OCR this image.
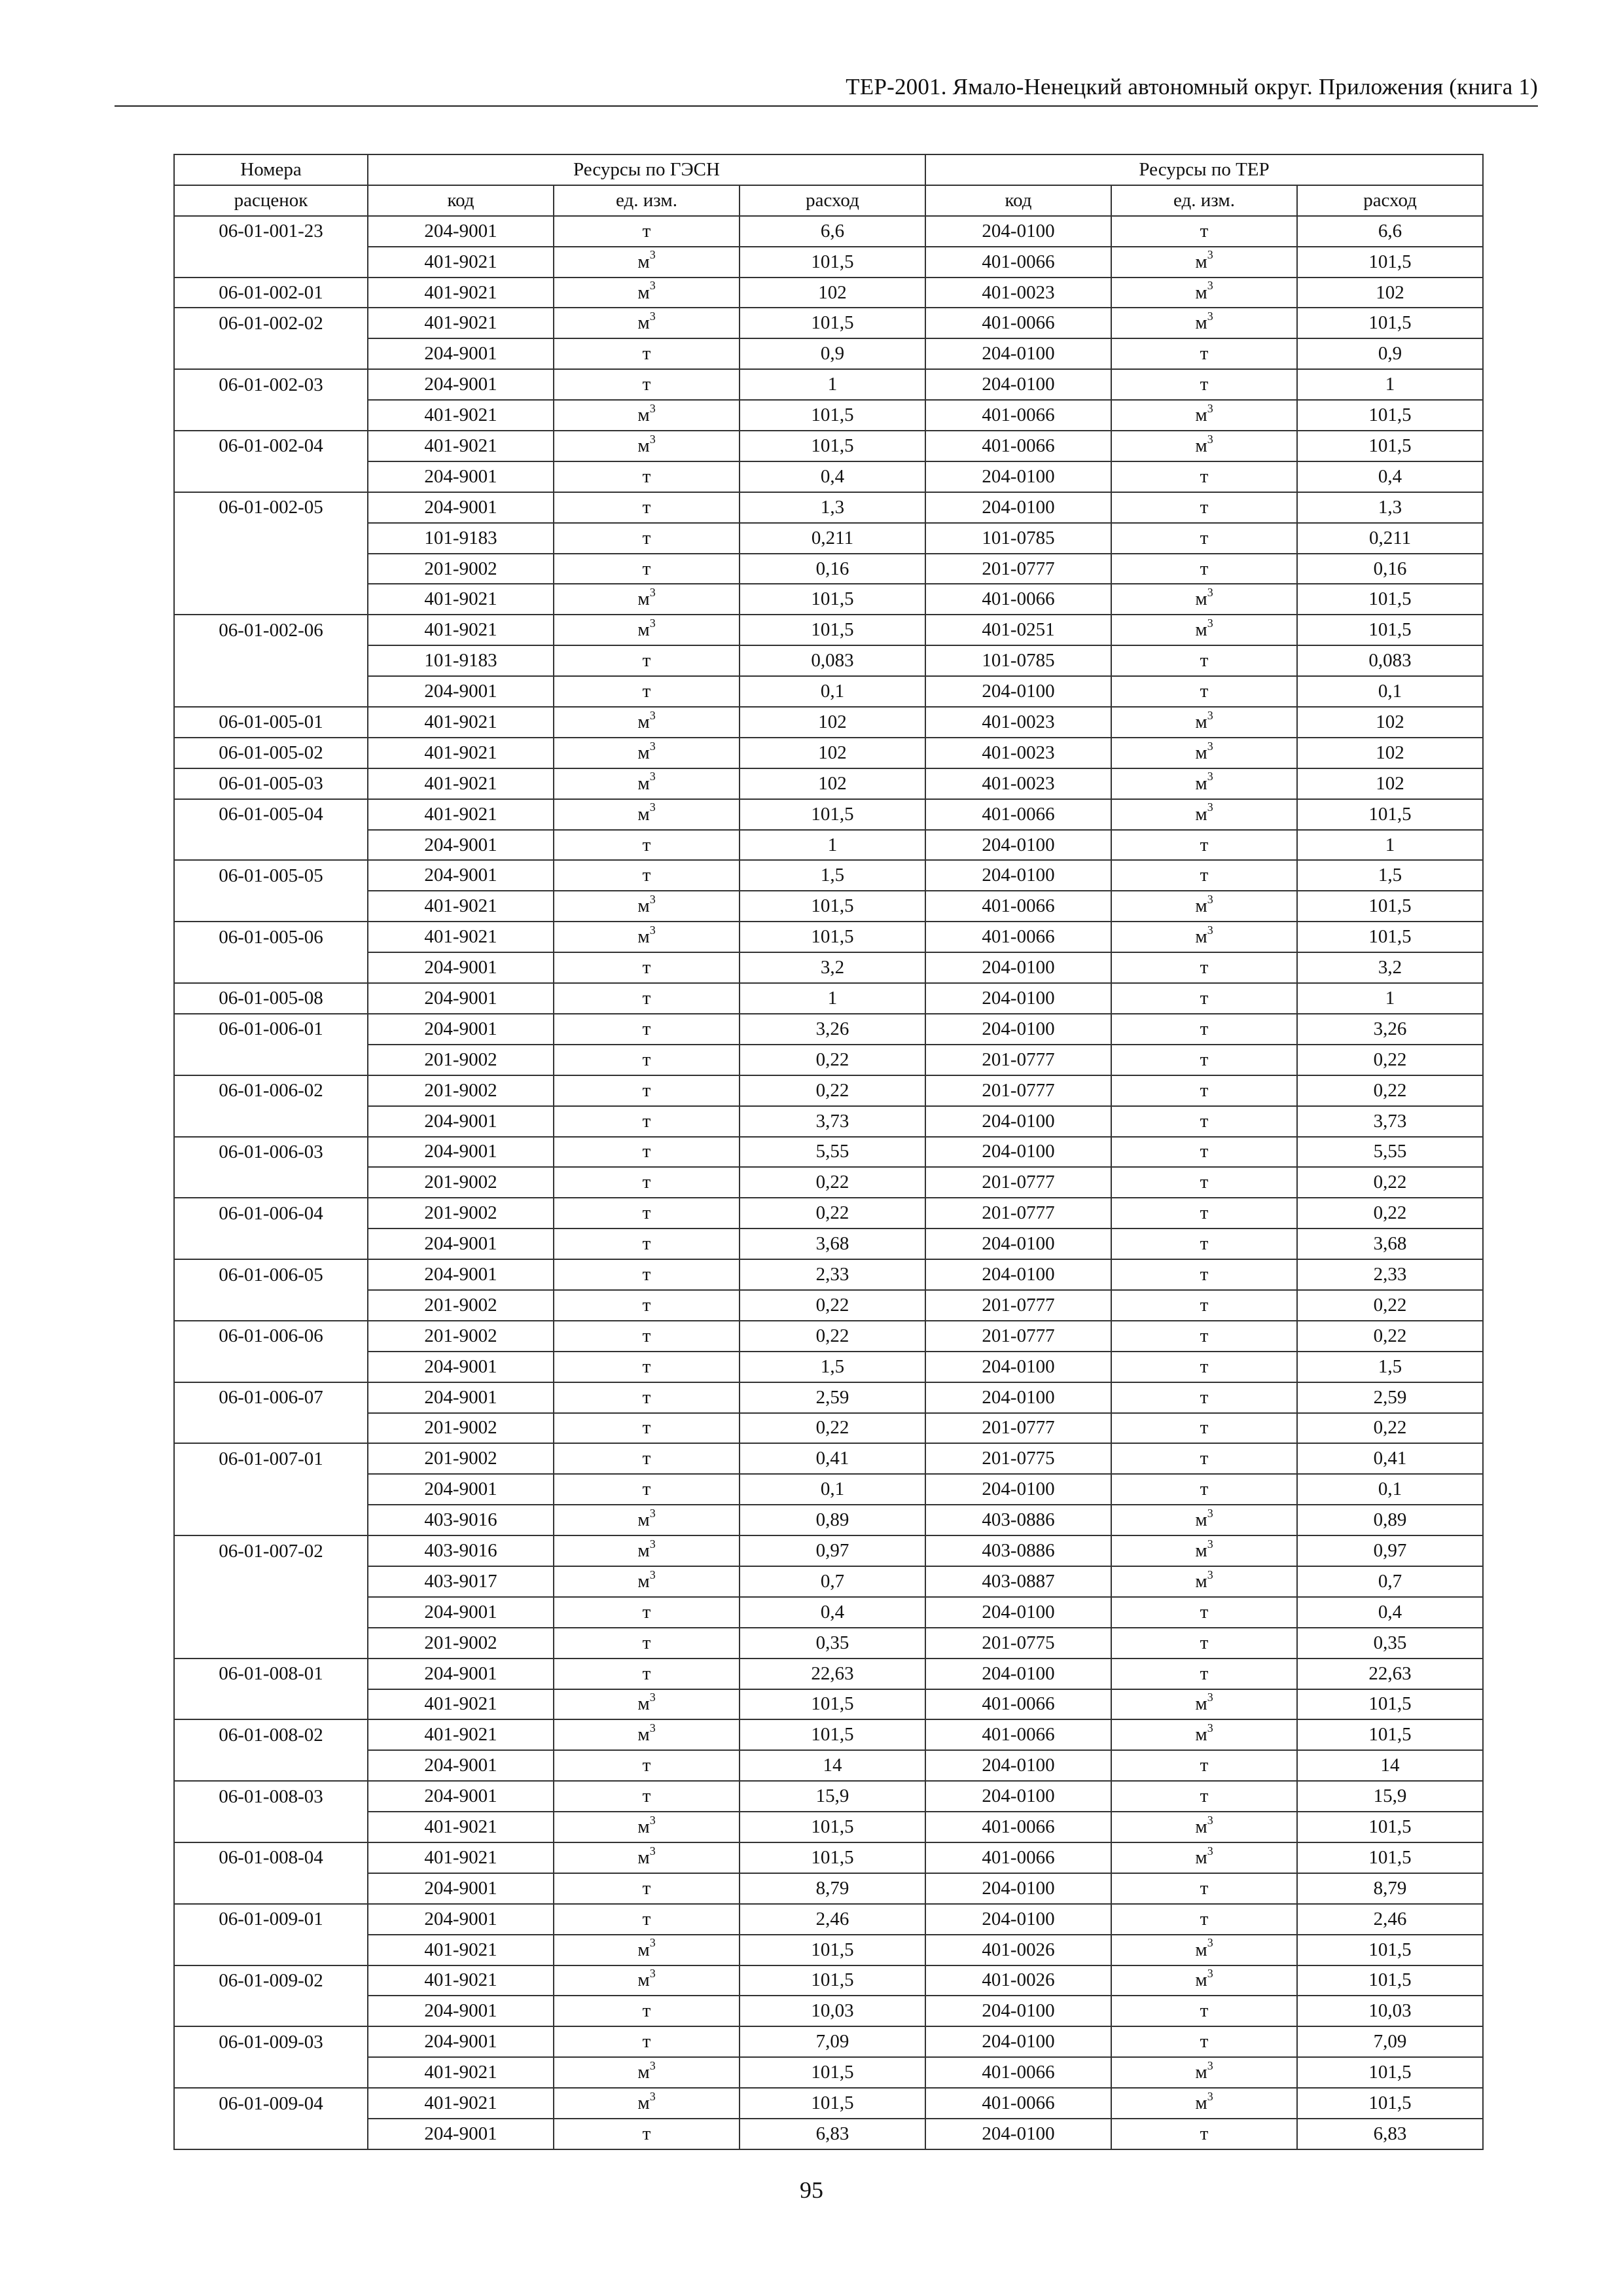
ТЕР-2001. Ямало-Ненецкий автономный округ. Приложения (книга 1)
Номера	Ресурсы по ГЭСН			Ресурсы по ТЕР		
расценок	код	ед. изм.	расход	код	ед. изм.	расход
06-01-001-23	204-9001	т	6,6	204-0100	т	6,6
	401-9021	$м^3$	101,5	401-0066	$м^3$	101,5
06-01-002-01	401-9021	$м^3$	102	401-0023	$м^3$	102
06-01-002-02	401-9021	$м^3$	101,5	401-0066	$м^3$	101,5
	204-9001	т	0,9	204-0100	т	0,9
06-01-002-03	204-9001	т	1	204-0100	т	1
	401-9021	$м^3$	101,5	401-0066	$м^3$	101,5
06-01-002-04	401-9021	$м^3$	101,5	401-0066	$м^3$	101,5
	204-9001	т	0,4	204-0100	т	0,4
06-01-002-05	204-9001	т	1,3	204-0100	т	1,3
	101-9183	т	0,211	101-0785	т	0,211
	201-9002	т	0,16	201-0777	т	0,16
	401-9021	$м^3$	101,5	401-0066	$м^3$	101,5
06-01-002-06	401-9021	$м^3$	101,5	401-0251	$м^3$	101,5
	101-9183	т	0,083	101-0785	т	0,083
	204-9001	т	0,1	204-0100	т	0,1
06-01-005-01	401-9021	$м^3$	102	401-0023	$м^3$	102
06-01-005-02	401-9021	$м^3$	102	401-0023	$м^3$	102
06-01-005-03	401-9021	$м^3$	102	401-0023	$м^3$	102
06-01-005-04	401-9021	$м^3$	101,5	401-0066	$м^3$	101,5
	204-9001	т	1	204-0100	т	1
06-01-005-05	204-9001	т	1,5	204-0100	т	1,5
	401-9021	$м^3$	101,5	401-0066	$м^3$	101,5
06-01-005-06	401-9021	$м^3$	101,5	401-0066	$м^3$	101,5
	204-9001	т	3,2	204-0100	т	3,2
06-01-005-08	204-9001	т	1	204-0100	т	1
06-01-006-01	204-9001	т	3,26	204-0100	т	3,26
	201-9002	т	0,22	201-0777	т	0,22
06-01-006-02	201-9002	т	0,22	201-0777	т	0,22
	204-9001	т	3,73	204-0100	т	3,73
06-01-006-03	204-9001	т	5,55	204-0100	т	5,55
	201-9002	т	0,22	201-0777	т	0,22
06-01-006-04	201-9002	т	0,22	201-0777	т	0,22
	204-9001	т	3,68	204-0100	т	3,68
06-01-006-05	204-9001	т	2,33	204-0100	т	2,33
	201-9002	т	0,22	201-0777	т	0,22
06-01-006-06	201-9002	т	0,22	201-0777	т	0,22
	204-9001	т	1,5	204-0100	т	1,5
06-01-006-07	204-9001	т	2,59	204-0100	т	2,59
	201-9002	т	0,22	201-0777	т	0,22
06-01-007-01	201-9002	т	0,41	201-0775	т	0,41
	204-9001	т	0,1	204-0100	т	0,1
	403-9016	$м^3$	0,89	403-0886	$м^3$	0,89
06-01-007-02	403-9016	$м^3$	0,97	403-0886	$м^3$	0,97
	403-9017	$м^3$	0,7	403-0887	$м^3$	0,7
	204-9001	т	0,4	204-0100	т	0,4
	201-9002	т	0,35	201-0775	т	0,35
06-01-008-01	204-9001	т	22,63	204-0100	т	22,63
	401-9021	$м^3$	101,5	401-0066	$м^3$	101,5
06-01-008-02	401-9021	$м^3$	101,5	401-0066	$м^3$	101,5
	204-9001	т	14	204-0100	т	14
06-01-008-03	204-9001	т	15,9	204-0100	т	15,9
	401-9021	$м^3$	101,5	401-0066	$м^3$	101,5
06-01-008-04	401-9021	$м^3$	101,5	401-0066	$м^3$	101,5
	204-9001	т	8,79	204-0100	т	8,79
06-01-009-01	204-9001	т	2,46	204-0100	т	2,46
	401-9021	$м^3$	101,5	401-0026	$м^3$	101,5
06-01-009-02	401-9021	$м^3$	101,5	401-0026	$м^3$	101,5
	204-9001	т	10,03	204-0100	т	10,03
06-01-009-03	204-9001	т	7,09	204-0100	т	7,09
	401-9021	$м^3$	101,5	401-0066	$м^3$	101,5
06-01-009-04	401-9021	$м^3$	101,5	401-0066	$м^3$	101,5
	204-9001	т	6,83	204-0100	т	6,83
95
